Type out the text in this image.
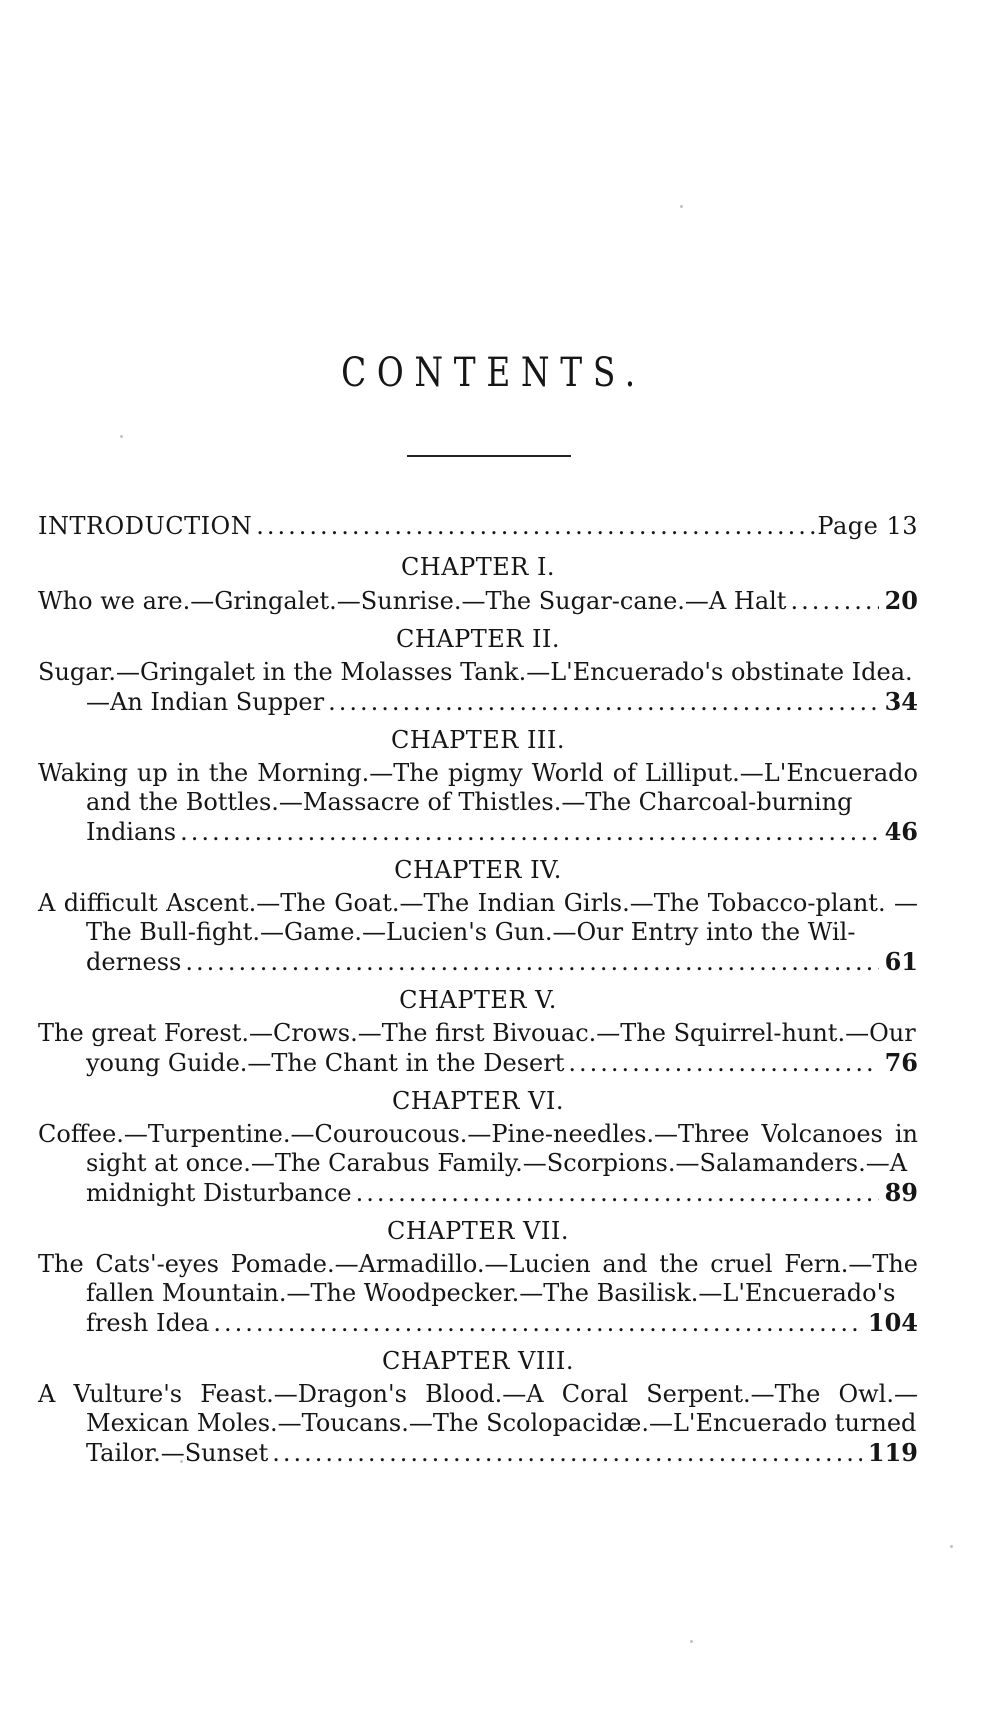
CONTENTS.
INTRODUCTION .....	Page 13
CHAPTER I.
Who we are.—Gringalet.—Sunrise.—The Sugar-cane.—A Halt .....	20
CHAPTER II.
Sugar.—Gringalet in the Molasses Tank.—L'Encuerado's obstinate Idea.
—An Indian Supper .....	34
CHAPTER III.
Waking up in the Morning.—The pigmy World of Lilliput.—L'Encuerado and the Bottles.—Massacre of Thistles.—The Charcoal-burning
Indians .....	46
CHAPTER IV.
A difficult Ascent.—The Goat.—The Indian Girls.—The Tobacco-plant. —The Bull-fight.—Game.—Lucien's Gun.—Our Entry into the Wil-
derness .....	61
CHAPTER V.
The great Forest.—Crows.—The first Bivouac.—The Squirrel-hunt.—Our
young Guide.—The Chant in the Desert .....	76
CHAPTER VI.
Coffee.—Turpentine.—Couroucous.—Pine-needles.—Three Volcanoes in sight at once.—The Carabus Family.—Scorpions.—Salamanders.—A
midnight Disturbance .....	89
CHAPTER VII.
The Cats'-eyes Pomade.—Armadillo.—Lucien and the cruel Fern.—The fallen Mountain.—The Woodpecker.—The Basilisk.—L'Encuerado's
fresh Idea .....	104
CHAPTER VIII.
A Vulture's Feast.—Dragon's Blood.—A Coral Serpent.—The Owl.— Mexican Moles.—Toucans.—The Scolopacidæ.—L'Encuerado turned
Tailor.—Sunset .....	119
